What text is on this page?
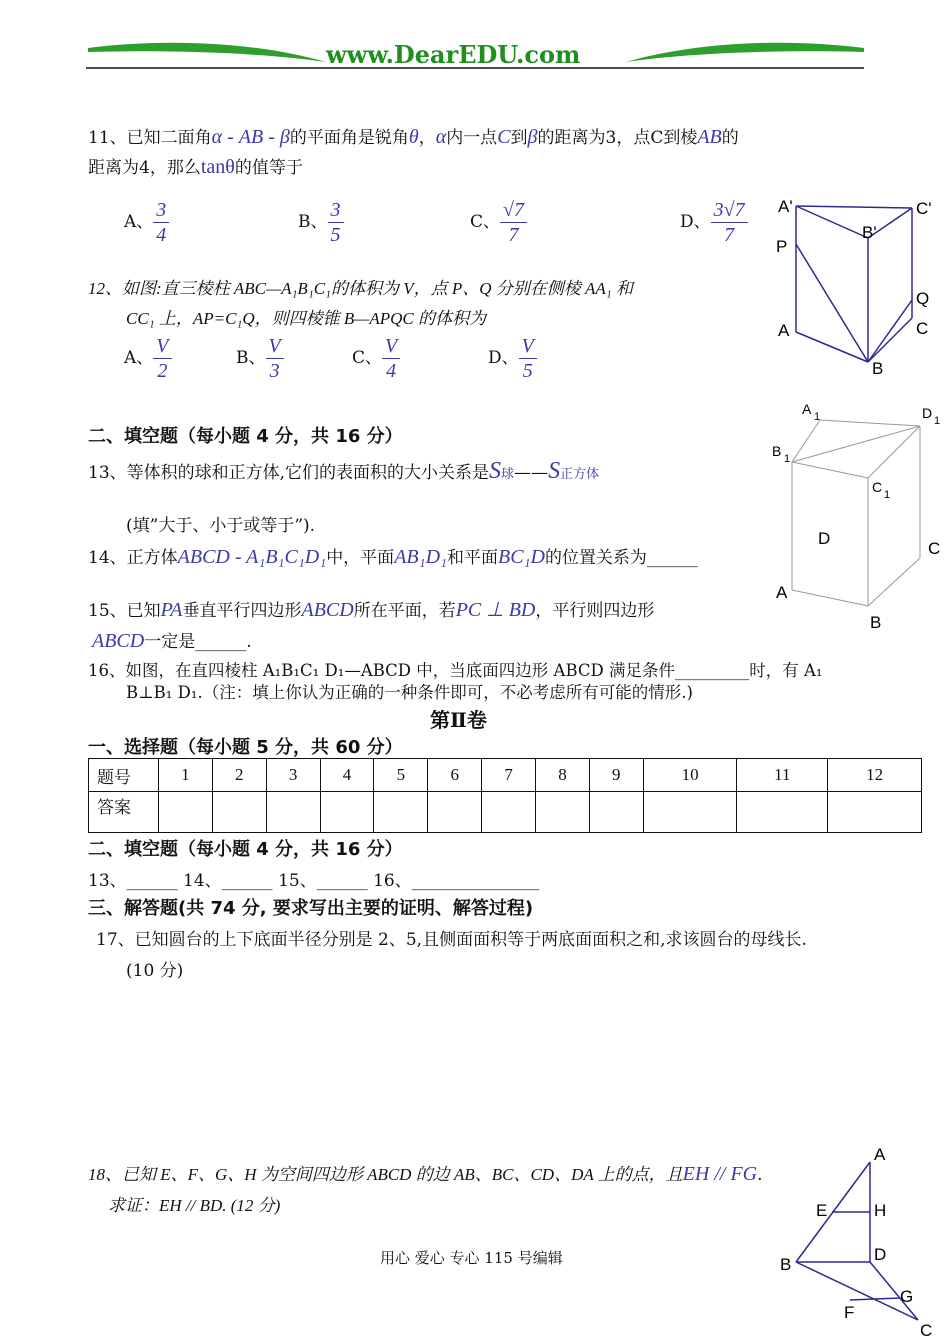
www.DearEDU.com
11、已知二面角α - AB - β的平面角是锐角θ，α内一点C到β的距离为3，点C到棱AB的
距离为4，那么tanθ的值等于
A、 $\frac{3}{4}$	B、 $\frac{3}{5}$	C、 $\frac{√7}{7}$	D、 $\frac{3√7}{7} A'$	C'
B'
P
Q
A	C
B
12、如图:直三棱柱 ABC—A₁B₁C₁的体积为 V，点 P、Q 分别在侧棱 AA₁ 和
CC₁ 上，AP=C₁Q，则四棱锥 B—APQC 的体积为
A、 $\frac{V}{2}$	B、 $\frac{V}{3}$	C、 $\frac{V}{4}$	D、 $\frac{V}{5}$
二、填空题（每小题 4 分，共 16 分）
A 1	D 1
B 1
C 1
D
C
A
B
13、等体积的球和正方体,它们的表面积的大小关系是S球——S正方体
(填”大于、小于或等于”).
14、正方体ABCD - A₁B₁C₁D₁中，平面AB₁D₁和平面BC₁D的位置关系为______
15、已知PA垂直平行四边形ABCD所在平面，若PC ⊥ BD，平行则四边形
ABCD一定是______.
16、如图，在直四棱柱 A₁B₁C₁ D₁—ABCD 中，当底面四边形 ABCD 满足条件_________时，有 A₁
B⊥B₁ D₁.（注：填上你认为正确的一种条件即可，不必考虑所有可能的情形.)
第Ⅱ卷
一、选择题（每小题 5 分，共 60 分）
题号	1	2	3	4	5	6	7	8	9	10	11	12
答案												
二、填空题（每小题 4 分，共 16 分）
13、______ 14、______ 15、______ 16、_______________
三、解答题(共 74 分, 要求写出主要的证明、解答过程)
17、已知圆台的上下底面半径分别是 2、5,且侧面面积等于两底面面积之和,求该圆台的母线长.
(10 分)
18、已知 E、F、G、H 为空间四边形 ABCD 的边 AB、BC、CD、DA 上的点，且EH // FG.
求证：EH // BD. (12 分)
A
E	H
B
D
G
F
C
用心 爱心 专心 115 号编辑
